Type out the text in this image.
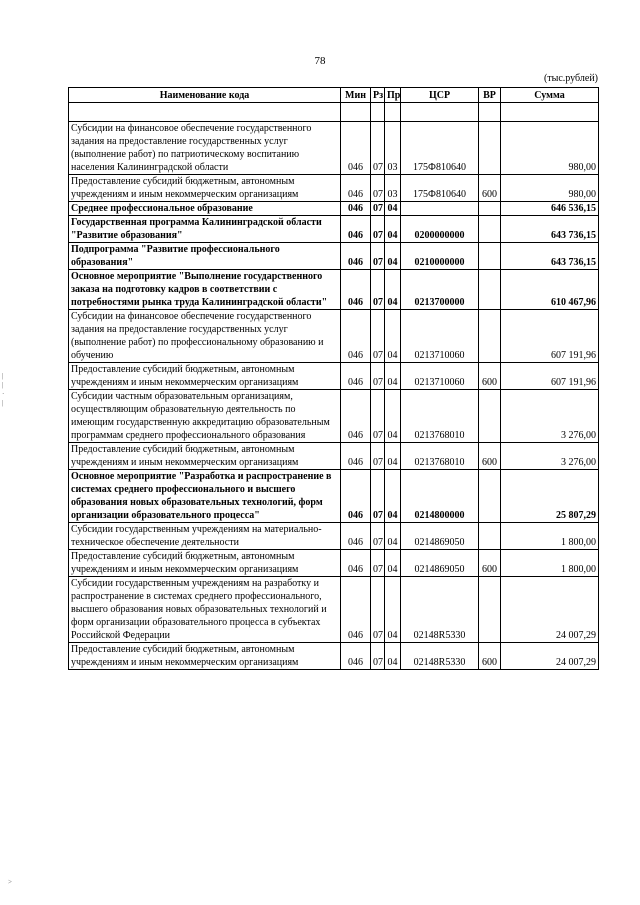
78
(тыс.рублей)
Наименование кода	Мин	Рз	Пр	ЦСР	ВР	Сумма

Субсидии на финансовое обеспечение государственного задания на предоставление государственных услуг (выполнение работ) по патриотическому воспитанию населения Калининградской области	046	07	03	175Ф810640		980,00
Предоставление субсидий бюджетным, автономным учреждениям и иным некоммерческим организациям	046	07	03	175Ф810640	600	980,00
Среднее профессиональное образование	046	07	04			646 536,15
Государственная программа Калининградской области "Развитие образования"	046	07	04	0200000000		643 736,15
Подпрограмма "Развитие профессионального образования"	046	07	04	0210000000		643 736,15
Основное мероприятие "Выполнение государственного заказа на подготовку кадров в соответствии с потребностями рынка труда Калининградской области"	046	07	04	0213700000		610 467,96
Субсидии на финансовое обеспечение государственного задания на предоставление государственных услуг (выполнение работ) по профессиональному образованию и обучению	046	07	04	0213710060		607 191,96
Предоставление субсидий бюджетным, автономным учреждениям и иным некоммерческим организациям	046	07	04	0213710060	600	607 191,96
Субсидии частным образовательным организациям, осуществляющим образовательную деятельность по имеющим государственную аккредитацию образовательным программам среднего профессионального образования	046	07	04	0213768010		3 276,00
Предоставление субсидий бюджетным, автономным учреждениям и иным некоммерческим организациям	046	07	04	0213768010	600	3 276,00
Основное мероприятие "Разработка и распространение в системах среднего профессионального и высшего образования новых образовательных технологий, форм организации образовательного процесса"	046	07	04	0214800000		25 807,29
Субсидии государственным учреждениям на материально-техническое обеспечение деятельности	046	07	04	0214869050		1 800,00
Предоставление субсидий бюджетным, автономным учреждениям и иным некоммерческим организациям	046	07	04	0214869050	600	1 800,00
Субсидии государственным учреждениям на разработку и распространение в системах среднего профессионального, высшего образования новых образовательных технологий и форм организации образовательного процесса в субъектах Российской Федерации	046	07	04	02148R5330		24 007,29
Предоставление субсидий бюджетным, автономным учреждениям и иным некоммерческим организациям	046	07	04	02148R5330	600	24 007,29
|
|
·
|
>
